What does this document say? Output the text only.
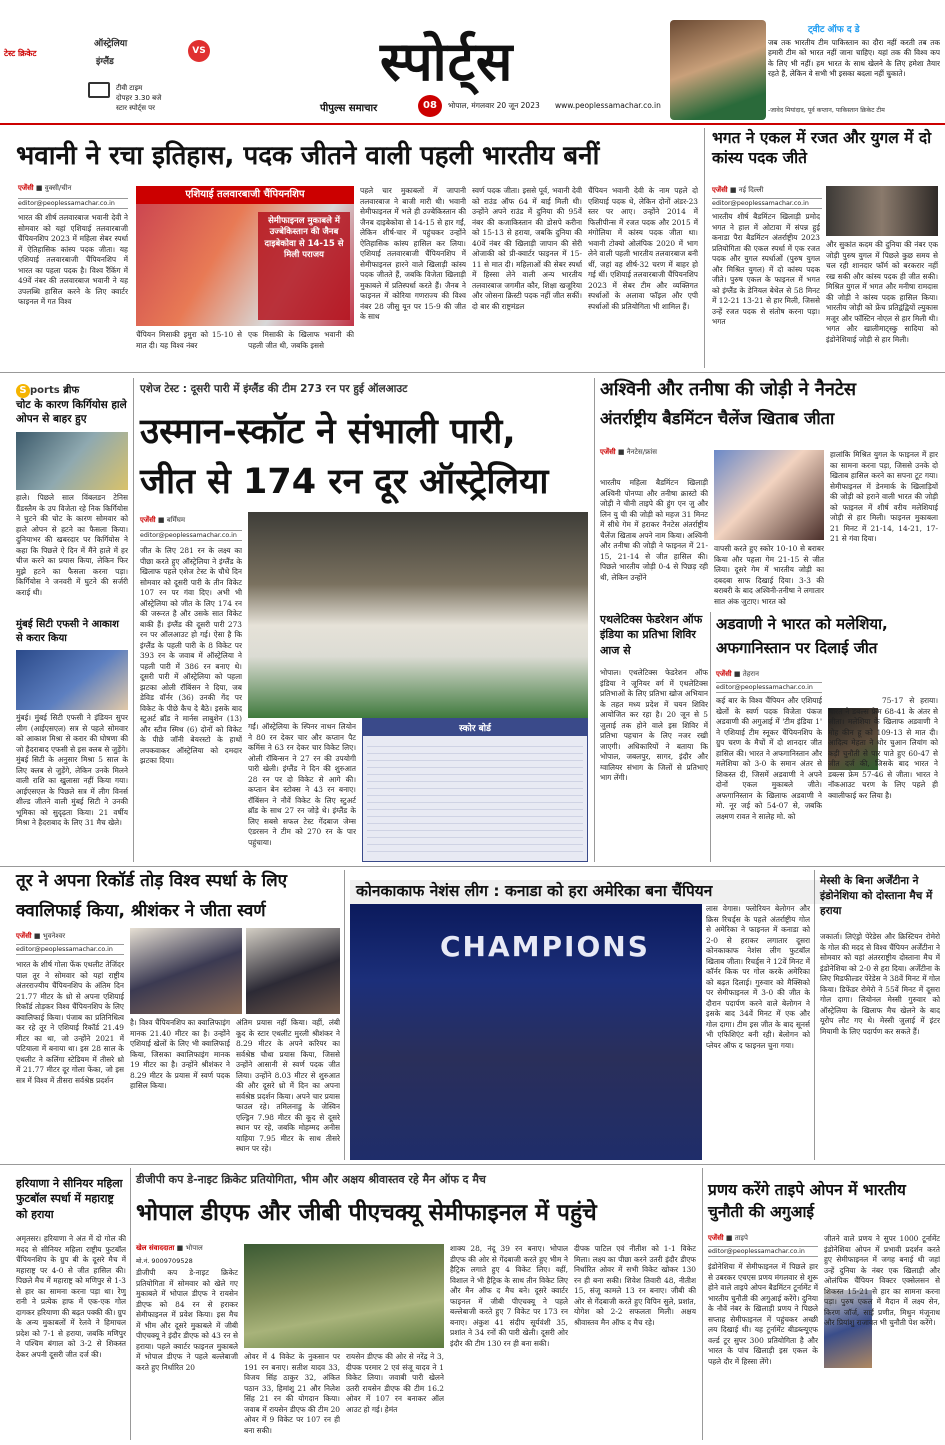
टेस्ट क्रिकेट
ऑस्ट्रेलिया
इंग्लैंड
VS
टीवी टाइम
दोपहर 3.30 बजे
स्टार स्पोर्ट्स पर
स्पोर्ट्स
पीपुल्स समाचार	08	भोपाल, मंगलवार 20 जून 2023 www.peoplessamachar.co.in
ट्वीट ऑफ द डे
जब तक भारतीय टीम पाकिस्तान का दौरा नहीं करती तब तक हमारी टीम को भारत नहीं जाना चाहिए। यहां तक की विश्व कप के लिए भी नहीं। हम भारत के साथ खेलने के लिए हमेशा तैयार रहते हैं, लेकिन वे सभी भी इसका बदला नहीं चुकाते।
-जावेद मियांदाद, पूर्व कप्तान, पाकिस्तान क्रिकेट टीम
भवानी ने रचा इतिहास, पदक जीतने वाली पहली भारतीय बनीं
एजेंसी ■ वुक्सी/चीन
editor@peoplessamachar.co.in
भारत की शीर्ष तलवारबाज भवानी देवी ने सोमवार को यहां एशियाई तलवारबाजी चैंपियनशिप 2023 में महिला सेबर स्पर्धा में ऐतिहासिक कांस्य पदक जीता। यह एशियाई तलवारबाजी चैंपियनशिप में भारत का पहला पदक है। विश्व रैंकिंग में 49वें नंबर की तलवारबाज भवानी ने यह उपलब्धि हासिल करने के लिए क्वार्टर फाइनल में गत विश्व
एशियाई तलवारबाजी चैंपियनशिप
सेमीफाइनल मुकाबले में उज्बेकिस्तान की जैनब दाइबेकोवा से 14-15 से मिली पराजय
चैंपियन मिसाकी इमुरा को 15-10 से मात दी। यह विश्व नंबर
एक मिसाकी के खिलाफ भवानी की पहली जीत थी, जबकि इससे
पहले चार मुकाबलों में जापानी तलवारबाज ने बाजी मारी थी। भवानी सेमीफाइनल में भले ही उज्बेकिस्तान की जैनब दाइबेकोवा से 14-15 से हार गईं, लेकिन शीर्ष-चार में पहुंचकर उन्होंने ऐतिहासिक कांस्य हासिल कर लिया। एशियाई तलवारबाजी चैंपियनशिप में सेमीफाइनल हारने वाले खिलाड़ी कांस्य पदक जीतते हैं, जबकि विजेता खिलाड़ी मुकाबले में प्रतिस्पर्धा करते हैं। जैनब ने फाइनल में कोरिया गणराज्य की विश्व नंबर 28 जीसु यून पर 15-9 की जीत के साथ
स्वर्ण पदक जीता। इससे पूर्व, भवानी देवी को राउंड ऑफ 64 में बाई मिली थी। उन्होंने अपने राउंड में दुनिया की 95वें नंबर की कजाकिस्तान की डोसपे करीना को 15-13 से हराया, जबकि दुनिया की 40वें नंबर की खिलाड़ी जापान की सेरी ओजाकी को प्री-क्वार्टर फाइनल में 15-11 से मात दी। महिलाओं की सेबर स्पर्धा में हिस्सा लेने वाली अन्य भारतीय तलवारबाज जगमीत कौर, शिक्षा खजूरिया और जोसना क्रिस्टी पदक नहीं जीत सकीं। दो बार की राष्ट्रमंडल
चैंपियन भवानी देवी के नाम पहले दो एशियाई पदक थे, लेकिन दोनों अंडर-23 स्तर पर आए। उन्होंने 2014 में फिलीपीन्स में रजत पदक और 2015 में मंगोलिया में कांस्य पदक जीता था। भवानी टोक्यो ओलंपिक 2020 में भाग लेने वाली पहली भारतीय तलवारबाज बनी थीं, जहां वह शीर्ष-32 चरण में बाहर हो गई थीं। एशियाई तलवारबाजी चैंपियनशिप 2023 में सेबर टीम और व्यक्तिगत स्पर्धाओं के अलावा फॉइल और एपी स्पर्धाओं की प्रतियोगिता भी शामिल हैं।
भगत ने एकल में रजत और युगल में दो कांस्य पदक जीते
एजेंसी ■ नई दिल्ली
editor@peoplessamachar.co.in
भारतीय शीर्ष बैडमिंटन खिलाड़ी प्रमोद भगत ने हाल में ओटावा में संपन्न हुई कनाडा पैरा बैडमिंटन अंतर्राष्ट्रीय 2023 प्रतियोगिता की एकल स्पर्धा में एक रजत पदक और युगल स्पर्धाओं (पुरुष युगल और मिश्रित युगल) में दो कांस्य पदक जीते। पुरुष एकल के फाइनल में भगत को इंग्लैंड के डेनियल बेथेल से 58 मिनट में 12-21 13-21 से हार मिली, जिससे उन्हें रजत पदक से संतोष करना पड़ा। भगत
और सुकांत कदम की दुनिया की नंबर एक जोड़ी पुरुष युगल में पिछले कुछ समय से चल रही शानदार फॉर्म को बरकरार नहीं रख सकी और कांस्य पदक ही जीत सकी। मिश्रित युगल में भगत और मनीषा रामदास की जोड़ी ने कांस्य पदक हासिल किया। भारतीय जोड़ी को फ्रेंच प्रतिद्वंद्वियों ल्युकास मजूर और फॉस्टिन नोएल से हार मिली थी। भगत और खालीमाट्स्कु सादिया को इंडोनेशियाई जोड़ी से हार मिली।
S ports ब्रीफ
चोट के कारण किर्गियोस हाले ओपन से बाहर हुए
हाले। पिछले साल विंबलडन टेनिस ग्रैंडस्लैम के उप विजेता रहे निक किर्गियोस ने घुटने की चोट के कारण सोमवार को हाले ओपन से हटने का फैसला किया। दुनियाभर की खबरदार पर किर्गियोस ने कहा कि पिछले ऐ दिन में मैंने हाले में हर चीज करने का प्रयास किया, लेकिन फिर मुझे हटने का फैसला करना पड़ा। किर्गियोस ने जनवरी में घुटने की सर्जरी कराई थी।
मुंबई सिटी एफसी ने आकाश से करार किया
मुंबई। मुंबई सिटी एफसी ने इंडियन सुपर लीग (आईएसएल) सत्र से पहले सोमवार को आकाश मिश्रा से करार की घोषणा की जो हैदराबाद एफसी से इस क्लब से जुड़ेंगे। मुंबई सिटी के अनुसार मिश्रा 5 साल के लिए क्लब से जुड़ेंगे, लेकिन उनके मिलने वाली राशि का खुलासा नहीं किया गया। आईएसएल के पिछले सत्र में लीग विनर्स शील्ड जीतने वाली मुंबई सिटी ने उनकी भूमिका को सुदृढ़ता किया। 21 वर्षीय मिश्रा ने हैदराबाद के लिए 31 मैच खेले।
एशेज टेस्ट : दूसरी पारी में इंग्लैंड की टीम 273 रन पर हुई ऑलआउट
उस्मान-स्कॉट ने संभाली पारी,
जीत से 174 रन दूर ऑस्ट्रेलिया
एजेंसी ■ बर्मिंघम
editor@peoplessamachar.co.in
जीत के लिए 281 रन के लक्ष्य का पीछा करते हुए ऑस्ट्रेलिया ने इंग्लैंड के खिलाफ पहले एशेज टेस्ट के चौथे दिन सोमवार को दूसरी पारी के तीन विकेट 107 रन पर गंवा दिए। अभी भी ऑस्ट्रेलिया को जीत के लिए 174 रन की जरूरत है और उसके सात विकेट बाकी हैं। इंग्लैंड की दूसरी पारी 273 रन पर ऑलआउट हो गई। ऐसा है कि इंग्लैंड के पहली पारी के 8 विकेट पर 393 रन के जवाब में ऑस्ट्रेलिया ने पहली पारी में 386 रन बनाए थे। दूसरी पारी में ऑस्ट्रेलिया को पहला झटका ओली रॉबिंसन ने दिया, जब डेविड वॉर्नर (36) उनकी गेंद पर विकेट के पीछे कैच दे बैठे। इसके बाद स्टुअर्ट ब्रॉड ने मार्नस लाबुशेन (13) और स्टीव स्मिथ (6) दोनों को विकेट के पीछे जॉनी बेयरस्टो के हाथों लपकवाकर ऑस्ट्रेलिया को दमदार झटका दिया।
गईं। ऑस्ट्रेलिया के स्पिनर नाथन लियोन ने 80 रन देकर चार और कप्तान पैट कमिंस ने 63 रन देकर चार विकेट लिए। ओली रॉबिन्सन ने 27 रन की उपयोगी पारी खेली। इंग्लैंड ने दिन की शुरुआत 28 रन पर दो विकेट से आगे की। कप्तान बेन स्टोक्स ने 43 रन बनाए। रॉबिंसन ने नौवें विकेट के लिए स्टुअर्ट ब्रॉड के साथ 27 रन जोड़े थे। इंग्लैंड के लिए सबसे सफल टेस्ट गेंदबाज जेम्स एंडरसन ने टीम को 270 रन के पार पहुंचाया।
स्कोर बोर्ड
अश्विनी और तनीषा की जोड़ी ने नैनटेस
अंतर्राष्ट्रीय बैडमिंटन चैलेंज खिताब जीता
एजेंसी ■ नैनटेस/फ्रांस
भारतीय महिला बैडमिंटन खिलाड़ी अश्विनी पोनप्पा और तनीषा क्रास्टो की जोड़ी ने चीनी ताइपे की हुंग एन जु और लिन यु ची की जोड़ी को महज 31 मिनट में सीधे गेम में हराकर नैनटेस अंतर्राष्ट्रीय चैलेंज खिताब अपने नाम किया। अश्विनी और तनीषा की जोड़ी ने फाइनल में 21-15, 21-14 से जीत हासिल की। पिछले भारतीय जोड़ी 0-4 से पिछड़ रही थी, लेकिन उन्होंने
वापसी करते हुए स्कोर 10-10 से बराबर किया और पहला गेम 21-15 से जीत लिया। दूसरे गेम में भारतीय जोड़ी का दबदबा साफ दिखाई दिया। 3-3 की बराबरी के बाद अश्विनी-तनीषा ने लगातार सात अंक जुटाए। भारत को
हालांकि मिश्रित युगल के फाइनल में हार का सामना करना पड़ा, जिससे उनके दो खिताब हासिल करने का सपना टूट गया। सेमीफाइनल में डेनमार्क के खिलाड़ियों की जोड़ी को हराने वाली भारत की जोड़ी को फाइनल में शीर्ष वरीय मलेशियाई जोड़ी से हार मिली। फाइनल मुकाबला 21 मिनट में 21-14, 14-21, 17-21 से गंवा दिया।
एथलेटिक्स फेडरेशन ऑफ इंडिया का प्रतिभा शिविर आज से
भोपाल। एथलेटिक्स फेडरेशन ऑफ इंडिया ने जूनियर वर्ग में एथलेटिक्स प्रतिभाओं के लिए प्रतिभा खोज अभियान के तहत मध्य प्रदेश में चयन शिविर आयोजित कर रहा है। 20 जून से 5 जुलाई तक होने वाले इस शिविर में प्रतिभा पहचान के लिए नजर रखी जाएगी। अधिकारियों ने बताया कि भोपाल, जबलपुर, सागर, इंदौर और ग्वालियर संभाग के जिलों से प्रतिभाएं भाग लेंगी।
अडवाणी ने भारत को मलेशिया,
अफगानिस्तान पर दिलाई जीत
एजेंसी ■ तेहरान
editor@peoplessamachar.co.in
कई बार के विश्व चैंपियन और एशियाई खेलों के स्वर्ण पदक विजेता पंकज अडवाणी की अगुआई में 'टीम इंडिया 1' ने एशियाई टीम स्नूकर चैंपियनशिप के ग्रुप चरण के मैचों में दो शानदार जीत हासिल की। भारत ने अफगानिस्तान और मलेशिया को 3-0 के समान अंतर से शिकस्त दी, जिसमें अडवाणी ने अपने दोनों एकल मुकाबले जीते। अफगानिस्तान के खिलाफ अडवाणी ने मो. नूर जई को 54-07 से, जबकि लक्ष्मण रावत ने सालेह मो. को
75-17 से हराया। भारत ने डबल्स फ्रेम 68-41 के अंतर से जीता। मलेशिया के खिलाफ अडवाणी ने मोह कीन हू को 109-13 से मात दी। आदित्य मेहता ने थोर चुआन लियांग को कड़ी चुनौती से पार पाते हुए 60-47 से जीत दर्ज की, जिसके बाद भारत ने डबल्स फ्रेम 57-46 से जीता। भारत ने नॉकआउट चरण के लिए पहले ही क्वालीफाई कर लिया है।
तूर ने अपना रिकॉर्ड तोड़ विश्व स्पर्धा के लिए
क्वालिफाई किया, श्रीशंकर ने जीता स्वर्ण
एजेंसी ■ भुवनेश्वर
editor@peoplessamachar.co.in
भारत के शीर्ष गोला फेंक एथलीट तेजिंदर पाल तूर ने सोमवार को यहां राष्ट्रीय अंतरराज्यीय चैंपियनशिप के अंतिम दिन 21.77 मीटर के थ्रो से अपना एशियाई रिकॉर्ड तोड़कर विश्व चैंपियनशिप के लिए क्वालिफाई किया। पंजाब का प्रतिनिधित्व कर रहे तूर ने एशियाई रिकॉर्ड 21.49 मीटर का था, जो उन्होंने 2021 में पटियाला में बनाया था। इस 28 साल के एथलीट ने कलिंगा स्टेडियम में तीसरे थ्रो में 21.77 मीटर दूर गोला फेंका, जो इस सत्र में विश्व में तीसरा सर्वश्रेष्ठ प्रदर्शन
है। विश्व चैंपियनशिप का क्वालिफाइंग मानक 21.40 मीटर का है। उन्होंने एशियाई खेलों के लिए भी क्वालिफाई किया, जिसका क्वालिफाइंग मानक 19 मीटर का है। उन्होंने श्रीशंकर ने 8.29 मीटर के प्रयास में स्वर्ण पदक हासिल किया।
अंतिम प्रयास नहीं किया। वहीं, लंबी कूद के स्टार एथलीट मुरली श्रीशंकर ने 8.29 मीटर के अपने करियर का सर्वश्रेष्ठ चौथा प्रयास किया, जिससे उन्होंने आसानी से स्वर्ण पदक जीत लिया। उन्होंने 8.03 मीटर से शुरुआत की और दूसरे थ्रो में दिन का अपना सर्वश्रेष्ठ प्रदर्शन किया। अपने चार प्रयास फाउल रहे। तमिलनाडु के जेस्विन एल्ड्रिन 7.98 मीटर की कूद से दूसरे स्थान पर रहे, जबकि मोहम्मद अनीस याहिया 7.95 मीटर के साथ तीसरे स्थान पर रहे।
कोनकाकाफ नेशंस लीग : कनाडा को हरा अमेरिका बना चैंपियन
CHAMPIONS
लास वेगास। फ्लोरियन बेलोगन और क्रिस रिचर्ड्स के पहले अंतर्राष्ट्रीय गोल से अमेरिका ने फाइनल में कनाडा को 2-0 से हराकर लगातार दूसरा कोनकाकाफ नेशंस लीग फुटबॉल खिताब जीता। रिचर्ड्स ने 12वें मिनट में कॉर्नर किक पर गोल करके अमेरिका को बढ़त दिलाई। गुरुवार को मैक्सिको पर सेमीफाइनल में 3-0 की जीत के दौरान पदार्पण करने वाले बेलोगन ने इसके बाद 34वें मिनट में एक और गोल दागा। टीम इस जीत के बाद सूनर्स भी एफिशिएंट बनी रही। बेलोगन को प्लेयर ऑफ द फाइनल चुना गया।
मेस्सी के बिना अर्जेंटीना ने इंडोनेशिया को दोस्ताना मैच में हराया
जकार्ता। लिएंड्रो पेरेडेस और क्रिस्टियन रोमेरो के गोल की मदद से विश्व चैंपियन अर्जेंटीना ने सोमवार को यहां अंतरराष्ट्रीय दोस्ताना मैच में इंडोनेशिया को 2-0 से हरा दिया। अर्जेंटीना के लिए मिडफील्डर पेरेडेस ने 38वें मिनट में गोल किया। डिफेंडर रोमेरो ने 55वें मिनट में दूसरा गोल दागा। लियोनल मेस्सी गुरुवार को ऑस्ट्रेलिया के खिलाफ मैच खेलने के बाद यूरोप लौट गए थे। मेस्सी जुलाई में इंटर मियामी के लिए पदार्पण कर सकते हैं।
हरियाणा ने सीनियर महिला फुटबॉल स्पर्धा में महाराष्ट्र को हराया
अमृतसर। हरियाणा ने अंत में दो गोल की मदद से सीनियर महिला राष्ट्रीय फुटबॉल चैंपियनशिप के ग्रुप बी के दूसरे मैच में महाराष्ट्र पर 4-0 से जीत हासिल की। पिछले मैच में महाराष्ट्र को मणिपुर से 1-3 से हार का सामना करना पड़ा था। रेणु रानी ने प्रत्येक हाफ में एक-एक गोल दागकर हरियाणा की बढ़त पक्की की। ग्रुप के अन्य मुकाबलों में रेलवे ने हिमाचल प्रदेश को 7-1 से हराया, जबकि मणिपुर ने पश्चिम बंगाल को 3-2 से शिकस्त देकर अपनी दूसरी जीत दर्ज की।
डीजीपी कप डे-नाइट क्रिकेट प्रतियोगिता, भीम और अक्षय श्रीवास्तव रहे मैन ऑफ द मैच
भोपाल डीएफ और जीबी पीएचक्यू सेमीफाइनल में पहुंचे
खेल संवाददाता ■ भोपाल
मो.नं. 9009709528
डीजीपी कप डे-नाइट क्रिकेट प्रतियोगिता में सोमवार को खेले गए मुकाबले में भोपाल डीएफ ने रायसेन डीएफ को 84 रन से हराकर सेमीफाइनल में प्रवेश किया। इस मैच में भीम और दूसरे मुकाबले में जीबी पीएचक्यू ने इंदौर डीएफ को 43 रन से हराया। पहले क्वार्टर फाइनल मुकाबले में भोपाल डीएफ ने पहले बल्लेबाजी करते हुए निर्धारित 20
ओवर में 4 विकेट के नुकसान पर 191 रन बनाए। सतीश यादव 33, विजय सिंह ठाकुर 32, अंकित पठान 33, हिमांशु 21 और निलेश सिंह 21 रन की योगदान किया। जवाब में रायसेन डीएफ की टीम 20 ओवर में 9 विकेट पर 107 रन ही बना सकी।
रायसेन डीएफ की ओर से नरेंद्र ने 3, दीपक परमार 2 एवं संजू यादव ने 1 विकेट लिया। जवाबी पारी खेलने उतरी रायसेन डीएफ की टीम 16.2 ओवर में 107 रन बनाकर ऑल आउट हो गई। हेमंत
शाक्य 28, नंदू 39 रन बनाए। भोपाल डीएफ की ओर से गेंदबाजी करते हुए भीम ने हैट्रिक लगाते हुए 4 विकेट लिए। वहीं, विशाल ने भी हैट्रिक के साथ तीन विकेट लिए और मैन ऑफ द मैच बने। दूसरे क्वार्टर फाइनल में जीबी पीएचक्यू ने पहले बल्लेबाजी करते हुए 7 विकेट पर 173 रन बनाए। अंकुश 41 संदीप सूर्यवंशी 35, प्रशांत ने 34 रनों की पारी खेली। दूसरी ओर इंदौर की टीम 130 रन ही बना सकी।
दीपक पाटिल एवं नीतीश को 1-1 विकेट मिला। लक्ष्य का पीछा करने उतरी इंदौर डीएफ निर्धारित ओवर में सभी विकेट खोकर 130 रन ही बना सकी। शिवेश तिवारी 48, नीतीश 15, संजू कामले 13 रन बनाए। जीबी की ओर से गेंदबाजी करते हुए विपिन सुले, प्रशांत, योगेश को 2-2 सफलता मिली। अक्षय श्रीवास्तव मैन ऑफ द मैच रहे।
प्रणय करेंगे ताइपे ओपन में भारतीय चुनौती की अगुआई
एजेंसी ■ ताइपे
editor@peoplessamachar.co.in
इंडोनेशिया में सेमीफाइनल में पिछले हार से उबरकर एचएस प्रणय मंगलवार से शुरू होने वाले ताइपे ओपन बैडमिंटन टूर्नामेंट में भारतीय चुनौती की अगुआई करेंगे। दुनिया के नौवें नंबर के खिलाड़ी प्रणय ने पिछले सप्ताह सेमीफाइनल में पहुंचकर अच्छी लय दिखाई थी। यह टूर्नामेंट बीडब्ल्यूएफ वर्ल्ड टूर सुपर 300 प्रतियोगिता है और भारत के पांच खिलाड़ी इस एकल के पहले दौर में हिस्सा लेंगे।
जीतने वाले प्रणय ने सुपर 1000 टूर्नामेंट इंडोनेशिया ओपन में प्रभावी प्रदर्शन करते हुए सेमीफाइनल में जगह बनाई थी जहां उन्हें दुनिया के नंबर एक खिलाड़ी और ओलंपिक चैंपियन विक्टर एक्सेलसन से शिकस्त 15-21 से हार का सामना करना पड़ा। पुरुष एकल में मैदान में लक्ष्य सेन, किरण जॉर्ज, साईं प्रणीत, मिथुन मंजूनाथ और प्रियांशु राजावत भी चुनौती पेश करेंगे।
